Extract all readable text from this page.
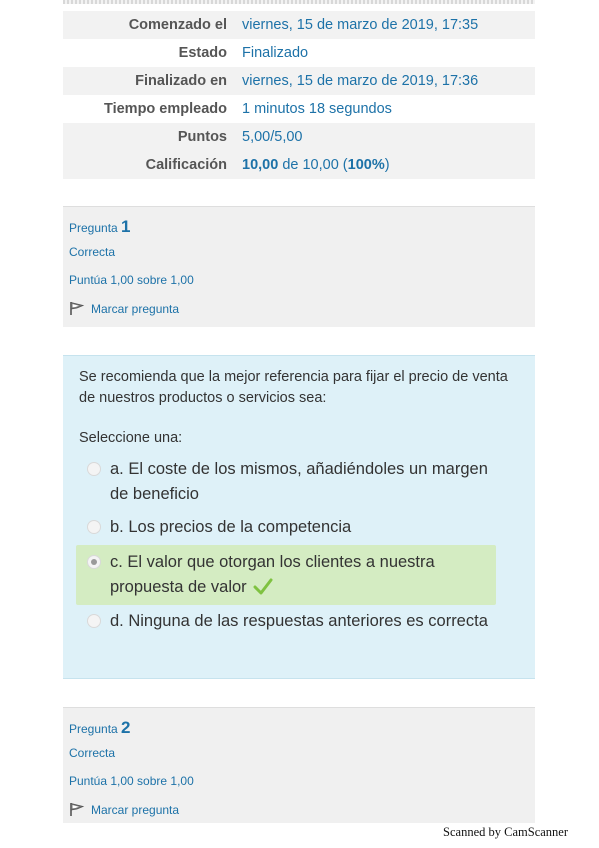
Comenzado el	viernes, 15 de marzo de 2019, 17:35
Estado	Finalizado
Finalizado en	viernes, 15 de marzo de 2019, 17:36
Tiempo empleado	1 minutos 18 segundos
Puntos	5,00/5,00
Calificación	10,00 de 10,00 (100%)
Pregunta 1
Correcta
Puntúa 1,00 sobre 1,00
Marcar pregunta
Se recomienda que la mejor referencia para fijar el precio de venta de nuestros productos o servicios sea:
Seleccione una:
a. El coste de los mismos, añadiéndoles un margen de beneficio
b. Los precios de la competencia
c. El valor que otorgan los clientes a nuestra propuesta de valor
d. Ninguna de las respuestas anteriores es correcta
Pregunta 2
Correcta
Puntúa 1,00 sobre 1,00
Marcar pregunta
Scanned by CamScanner
